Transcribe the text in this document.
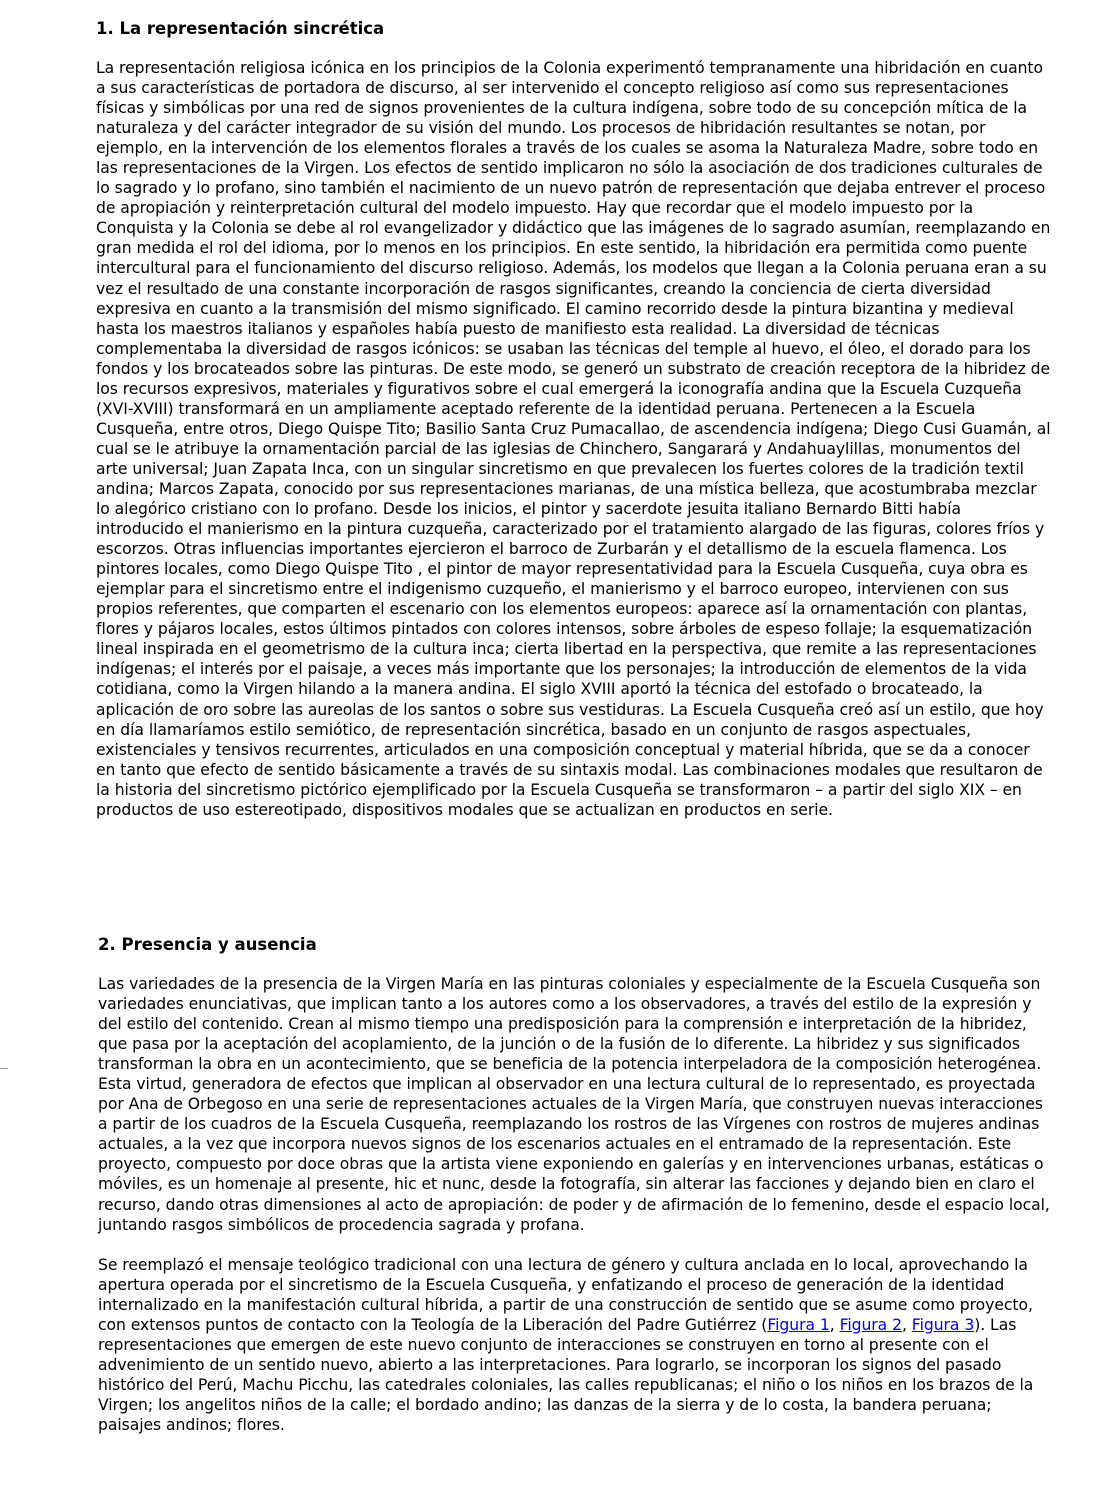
1. La representación sincrética

La representación religiosa icónica en los principios de la Colonia experimentó tempranamente una hibridación en cuanto a sus características de portadora de discurso, al ser intervenido el concepto religioso así como sus representaciones físicas y simbólicas por una red de signos provenientes de la cultura indígena, sobre todo de su concepción mítica de la naturaleza y del carácter integrador de su visión del mundo. Los procesos de hibridación resultantes se notan, por ejemplo, en la intervención de los elementos florales a través de los cuales se asoma la Naturaleza Madre, sobre todo en las representaciones de la Virgen. Los efectos de sentido implicaron no sólo la asociación de dos tradiciones culturales de lo sagrado y lo profano, sino también el nacimiento de un nuevo patrón de representación que dejaba entrever el proceso de apropiación y reinterpretación cultural del modelo impuesto. Hay que recordar que el modelo impuesto por la Conquista y la Colonia se debe al rol evangelizador y didáctico que las imágenes de lo sagrado asumían, reemplazando en gran medida el rol del idioma, por lo menos en los principios. En este sentido, la hibridación era permitida como puente intercultural para el funcionamiento del discurso religioso. Además, los modelos que llegan a la Colonia peruana eran a su vez el resultado de una constante incorporación de rasgos significantes, creando la conciencia de cierta diversidad expresiva en cuanto a la transmisión del mismo significado. El camino recorrido desde la pintura bizantina y medieval hasta los maestros italianos y españoles había puesto de manifiesto esta realidad. La diversidad de técnicas complementaba la diversidad de rasgos icónicos: se usaban las técnicas del temple al huevo, el óleo, el dorado para los fondos y los brocateados sobre las pinturas. De este modo, se generó un substrato de creación receptora de la hibridez de los recursos expresivos, materiales y figurativos sobre el cual emergerá la iconografía andina que la Escuela Cuzqueña (XVI-XVIII) transformará en un ampliamente aceptado referente de la identidad peruana. Pertenecen a la Escuela Cusqueña, entre otros, Diego Quispe Tito; Basilio Santa Cruz Pumacallao, de ascendencia indígena; Diego Cusi Guamán, al cual se le atribuye la ornamentación parcial de las iglesias de Chinchero, Sangarará y Andahuaylillas, monumentos del arte universal; Juan Zapata Inca, con un singular sincretismo en que prevalecen los fuertes colores de la tradición textil andina; Marcos Zapata, conocido por sus representaciones marianas, de una mística belleza, que acostumbraba mezclar lo alegórico cristiano con lo profano. Desde los inicios, el pintor y sacerdote jesuita italiano Bernardo Bitti había introducido el manierismo en la pintura cuzqueña, caracterizado por el tratamiento alargado de las figuras, colores fríos y escorzos. Otras influencias importantes ejercieron el barroco de Zurbarán y el detallismo de la escuela flamenca. Los pintores locales, como Diego Quispe Tito , el pintor de mayor representatividad para la Escuela Cusqueña, cuya obra es ejemplar para el sincretismo entre el indigenismo cuzqueño, el manierismo y el barroco europeo, intervienen con sus propios referentes, que comparten el escenario con los elementos europeos: aparece así la ornamentación con plantas, flores y pájaros locales, estos últimos pintados con colores intensos, sobre árboles de espeso follaje; la esquematización lineal inspirada en el geometrismo de la cultura inca; cierta libertad en la perspectiva, que remite a las representaciones indígenas; el interés por el paisaje, a veces más importante que los personajes; la introducción de elementos de la vida cotidiana, como la Virgen hilando a la manera andina. El siglo XVIII aportó la técnica del estofado o brocateado, la aplicación de oro sobre las aureolas de los santos o sobre sus vestiduras. La Escuela Cusqueña creó así un estilo, que hoy en día llamaríamos estilo semiótico, de representación sincrética, basado en un conjunto de rasgos aspectuales, existenciales y tensivos recurrentes, articulados en una composición conceptual y material híbrida, que se da a conocer en tanto que efecto de sentido básicamente a través de su sintaxis modal. Las combinaciones modales que resultaron de la historia del sincretismo pictórico ejemplificado por la Escuela Cusqueña se transformaron – a partir del siglo XIX – en productos de uso estereotipado, dispositivos modales que se actualizan en productos en serie.

2. Presencia y ausencia

Las variedades de la presencia de la Virgen María en las pinturas coloniales y especialmente de la Escuela Cusqueña son variedades enunciativas, que implican tanto a los autores como a los observadores, a través del estilo de la expresión y del estilo del contenido. Crean al mismo tiempo una predisposición para la comprensión e interpretación de la hibridez, que pasa por la aceptación del acoplamiento, de la junción o de la fusión de lo diferente. La hibridez y sus significados transforman la obra en un acontecimiento, que se beneficia de la potencia interpeladora de la composición heterogénea. Esta virtud, generadora de efectos que implican al observador en una lectura cultural de lo representado, es proyectada por Ana de Orbegoso en una serie de representaciones actuales de la Virgen María, que construyen nuevas interacciones a partir de los cuadros de la Escuela Cusqueña, reemplazando los rostros de las Vírgenes con rostros de mujeres andinas actuales, a la vez que incorpora nuevos signos de los escenarios actuales en el entramado de la representación. Este proyecto, compuesto por doce obras que la artista viene exponiendo en galerías y en intervenciones urbanas, estáticas o móviles, es un homenaje al presente, hic et nunc, desde la fotografía, sin alterar las facciones y dejando bien en claro el recurso, dando otras dimensiones al acto de apropiación: de poder y de afirmación de lo femenino, desde el espacio local, juntando rasgos simbólicos de procedencia sagrada y profana.

Se reemplazó el mensaje teológico tradicional con una lectura de género y cultura anclada en lo local, aprovechando la apertura operada por el sincretismo de la Escuela Cusqueña, y enfatizando el proceso de generación de la identidad internalizado en la manifestación cultural híbrida, a partir de una construcción de sentido que se asume como proyecto, con extensos puntos de contacto con la Teología de la Liberación del Padre Gutiérrez (Figura 1, Figura 2, Figura 3). Las representaciones que emergen de este nuevo conjunto de interacciones se construyen en torno al presente con el advenimiento de un sentido nuevo, abierto a las interpretaciones. Para lograrlo, se incorporan los signos del pasado histórico del Perú, Machu Picchu, las catedrales coloniales, las calles republicanas; el niño o los niños en los brazos de la Virgen; los angelitos niños de la calle; el bordado andino; las danzas de la sierra y de lo costa, la bandera peruana; paisajes andinos; flores.
